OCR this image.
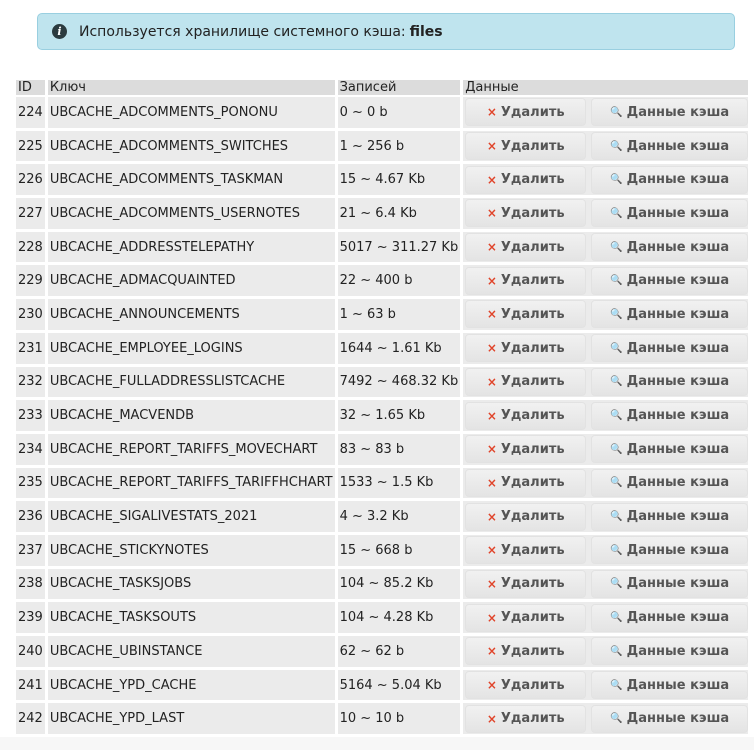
i	Используется хранилище системного кэша: files
ID	Ключ	Записей	Данные
224	UBCACHE_ADCOMMENTS_PONONU	0 ~ 0 b	× Удалить 🔍 Данные кэша

225	UBCACHE_ADCOMMENTS_SWITCHES	1 ~ 256 b	× Удалить 🔍 Данные кэша

226	UBCACHE_ADCOMMENTS_TASKMAN	15 ~ 4.67 Kb	× Удалить 🔍 Данные кэша

227	UBCACHE_ADCOMMENTS_USERNOTES	21 ~ 6.4 Kb	× Удалить 🔍 Данные кэша

228	UBCACHE_ADDRESSTELEPATHY	5017 ~ 311.27 Kb	× Удалить 🔍 Данные кэша

229	UBCACHE_ADMACQUAINTED	22 ~ 400 b	× Удалить 🔍 Данные кэша

230	UBCACHE_ANNOUNCEMENTS	1 ~ 63 b	× Удалить 🔍 Данные кэша

231	UBCACHE_EMPLOYEE_LOGINS	1644 ~ 1.61 Kb	× Удалить 🔍 Данные кэша

232	UBCACHE_FULLADDRESSLISTCACHE	7492 ~ 468.32 Kb	× Удалить 🔍 Данные кэша

233	UBCACHE_MACVENDB	32 ~ 1.65 Kb	× Удалить 🔍 Данные кэша

234	UBCACHE_REPORT_TARIFFS_MOVECHART	83 ~ 83 b	× Удалить 🔍 Данные кэша

235	UBCACHE_REPORT_TARIFFS_TARIFFHCHART	1533 ~ 1.5 Kb	× Удалить 🔍 Данные кэша

236	UBCACHE_SIGALIVESTATS_2021	4 ~ 3.2 Kb	× Удалить 🔍 Данные кэша

237	UBCACHE_STICKYNOTES	15 ~ 668 b	× Удалить 🔍 Данные кэша

238	UBCACHE_TASKSJOBS	104 ~ 85.2 Kb	× Удалить 🔍 Данные кэша

239	UBCACHE_TASKSOUTS	104 ~ 4.28 Kb	× Удалить 🔍 Данные кэша

240	UBCACHE_UBINSTANCE	62 ~ 62 b	× Удалить 🔍 Данные кэша

241	UBCACHE_YPD_CACHE	5164 ~ 5.04 Kb	× Удалить 🔍 Данные кэша

242	UBCACHE_YPD_LAST	10 ~ 10 b	× Удалить 🔍 Данные кэша
